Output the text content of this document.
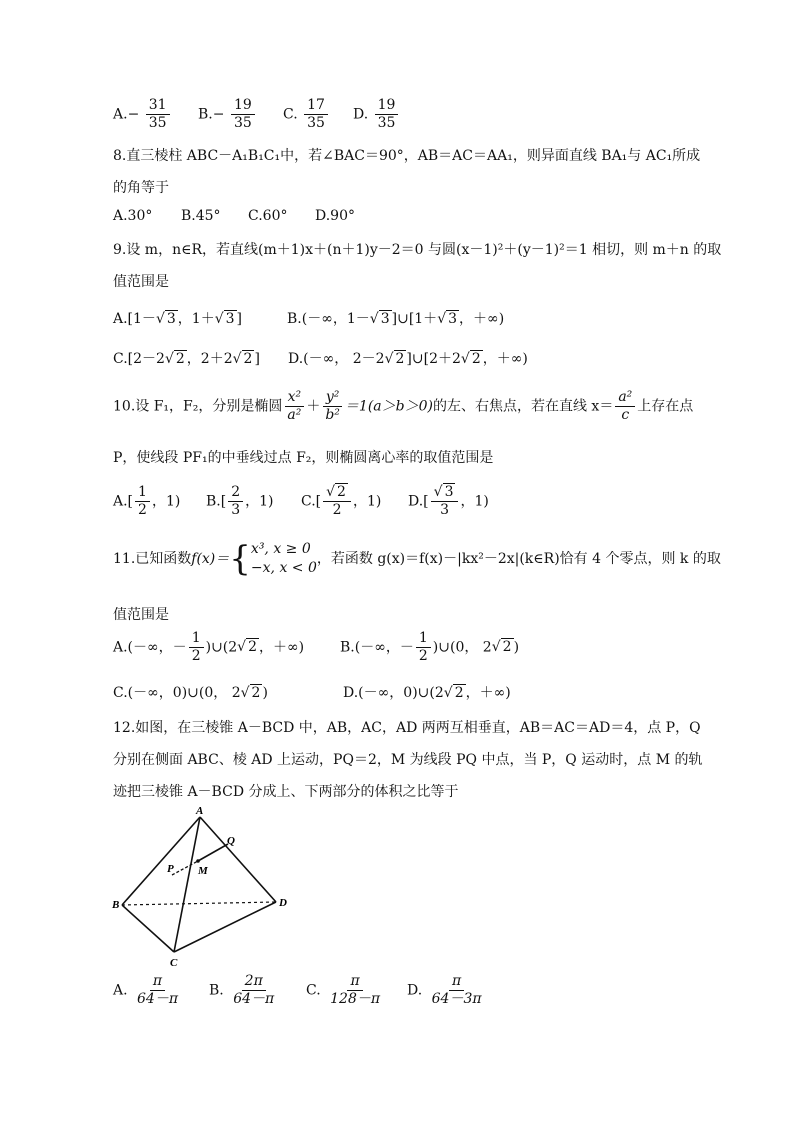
$A.- \frac{31}{35} B.- \frac{19}{35} C$. $\frac{17}{35} D$. $\frac{19}{35}$
8.直三棱柱 ABC－A₁B₁C₁中，若∠BAC＝90°，AB＝AC＝AA₁，则异面直线 BA₁与 AC₁所成
的角等于
A.30° B.45° C.60° D.90°
9.设 m，n∈R，若直线(m＋1)x＋(n＋1)y－2＝0 与圆(x－1)²＋(y－1)²＝1 相切，则 m＋n 的取
值范围是
A.[1－√ 3 ，1＋√ 3 ]	B.(－∞，1－√ 3 ]∪[1＋√ 3 ，＋∞)
C.[2－2√ 2 ，2＋2√ 2 ] D.(－∞， 2－2√ 2 ]∪[2＋2√ 2 ，＋∞)
10.设 F₁，F₂，分别是椭圆 $\frac{\text{x²}}{\text{a²}} + \frac{\text{y²}}{\text{b²}} =1(a>b>0)$的左、右焦点，若在直线 $x= \frac{\text{a²}}{c}$ 上存在点
P，使线段 PF₁的中垂线过点 F₂，则椭圆离心率的取值范围是
$A.[ \frac{1}{2}$ ，1) $B.[ \frac{2}{3}$ ，1) $C.[ \frac{√ 2}{2}$ ，1) $D.[ \frac{√ 3}{3}$ ，1)
11.已知函数f(x)＝{ x³, x ≥ 0
−x, x < 0
，若函数 g(x)＝f(x)－|kx²－2x|(k∈R)恰有 4 个零点，则 k 的取
值范围是
A.(－∞，－ $\frac{1}{2}$ )∪(2√ 2 ，＋∞)	B.(－∞，－ $\frac{1}{2}$ )∪(0， 2√ 2 )
C.(－∞，0)∪(0， 2√ 2 )	D.(－∞，0)∪(2√ 2 ，＋∞)
12.如图，在三棱锥 A－BCD 中，AB，AC，AD 两两互相垂直，AB＝AC＝AD＝4，点 P，Q
分别在侧面 ABC、棱 AD 上运动，PQ＝2，M 为线段 PQ 中点，当 P，Q 运动时，点 M 的轨
迹把三棱锥 A－BCD 分成上、下两部分的体积之比等于
A
B
C
D
P
Q
M
A. $\frac{\pi}{64-\pi} B$. $\frac{2\pi}{64-\pi} C$. $\frac{\pi}{128-\pi} D$. $\frac{\pi}{64-3\pi}$
